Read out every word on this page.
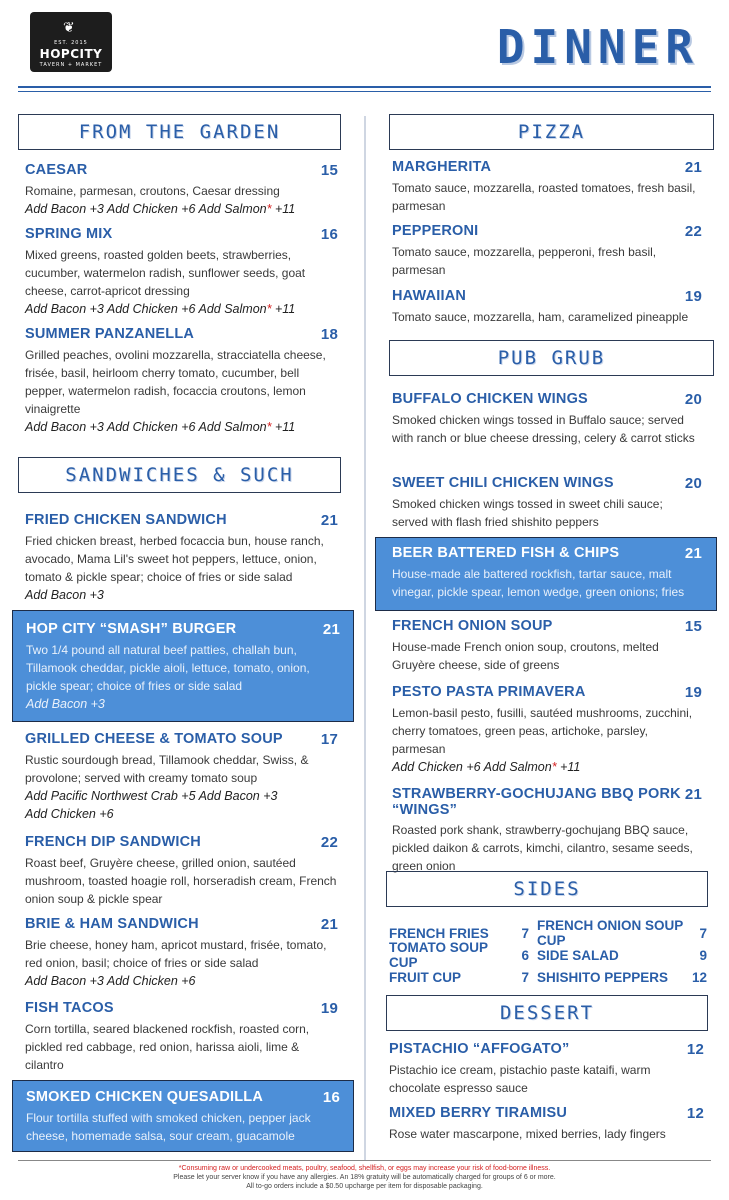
❦
EST. 2015
HOPCITY
TAVERN + MARKET	DINNER
FROM THE GARDEN
CAESAR	15
Romaine, parmesan, croutons, Caesar dressing
Add Bacon +3 Add Chicken +6 Add Salmon* +11
SPRING MIX	16
Mixed greens, roasted golden beets, strawberries, cucumber, watermelon radish, sunflower seeds, goat cheese, carrot-apricot dressing
Add Bacon +3 Add Chicken +6 Add Salmon* +11
SUMMER PANZANELLA	18
Grilled peaches, ovolini mozzarella, stracciatella cheese, frisée, basil, heirloom cherry tomato, cucumber, bell pepper, watermelon radish, focaccia croutons, lemon vinaigrette
Add Bacon +3 Add Chicken +6 Add Salmon* +11
SANDWICHES & SUCH
FRIED CHICKEN SANDWICH	21
Fried chicken breast, herbed focaccia bun, house ranch, avocado, Mama Lil's sweet hot peppers, lettuce, onion, tomato & pickle spear; choice of fries or side salad
Add Bacon +3
HOP CITY “SMASH” BURGER	21
Two 1/4 pound all natural beef patties, challah bun, Tillamook cheddar, pickle aioli, lettuce, tomato, onion, pickle spear; choice of fries or side salad
Add Bacon +3
GRILLED CHEESE & TOMATO SOUP	17
Rustic sourdough bread, Tillamook cheddar, Swiss, & provolone; served with creamy tomato soup
Add Pacific Northwest Crab +5 Add Bacon +3
Add Chicken +6
FRENCH DIP SANDWICH	22
Roast beef, Gruyère cheese, grilled onion, sautéed mushroom, toasted hoagie roll, horseradish cream, French onion soup & pickle spear
BRIE & HAM SANDWICH	21
Brie cheese, honey ham, apricot mustard, frisée, tomato, red onion, basil; choice of fries or side salad
Add Bacon +3 Add Chicken +6
FISH TACOS	19
Corn tortilla, seared blackened rockfish, roasted corn, pickled red cabbage, red onion, harissa aioli, lime & cilantro
SMOKED CHICKEN QUESADILLA	16
Flour tortilla stuffed with smoked chicken, pepper jack cheese, homemade salsa, sour cream, guacamole
PIZZA
MARGHERITA	21
Tomato sauce, mozzarella, roasted tomatoes, fresh basil, parmesan
PEPPERONI	22
Tomato sauce, mozzarella, pepperoni, fresh basil, parmesan
HAWAIIAN	19
Tomato sauce, mozzarella, ham, caramelized pineapple
PUB GRUB
BUFFALO CHICKEN WINGS	20
Smoked chicken wings tossed in Buffalo sauce; served with ranch or blue cheese dressing, celery & carrot sticks
SWEET CHILI CHICKEN WINGS	20
Smoked chicken wings tossed in sweet chili sauce; served with flash fried shishito peppers
BEER BATTERED FISH & CHIPS	21
House-made ale battered rockfish, tartar sauce, malt vinegar, pickle spear, lemon wedge, green onions; fries
FRENCH ONION SOUP	15
House-made French onion soup, croutons, melted Gruyère cheese, side of greens
PESTO PASTA PRIMAVERA	19
Lemon-basil pesto, fusilli, sautéed mushrooms, zucchini, cherry tomatoes, green peas, artichoke, parsley, parmesan
Add Chicken +6 Add Salmon* +11
STRAWBERRY-GOCHUJANG BBQ PORK “WINGS”
21
Roasted pork shank, strawberry-gochujang BBQ sauce, pickled daikon & carrots, kimchi, cilantro, sesame seeds, green onion
SIDES
FRENCH FRIES	7 FRENCH ONION SOUP CUP	7
TOMATO SOUP CUP	6 SIDE SALAD	9
FRUIT CUP	7 SHISHITO PEPPERS	12
DESSERT
PISTACHIO “AFFOGATO”	12
Pistachio ice cream, pistachio paste kataifi, warm chocolate espresso sauce
MIXED BERRY TIRAMISU	12
Rose water mascarpone, mixed berries, lady fingers
*Consuming raw or undercooked meats, poultry, seafood, shellfish, or eggs may increase your risk of food-borne illness.
Please let your server know if you have any allergies. An 18% gratuity will be automatically charged for groups of 6 or more.
All to-go orders include a $0.50 upcharge per item for disposable packaging.
